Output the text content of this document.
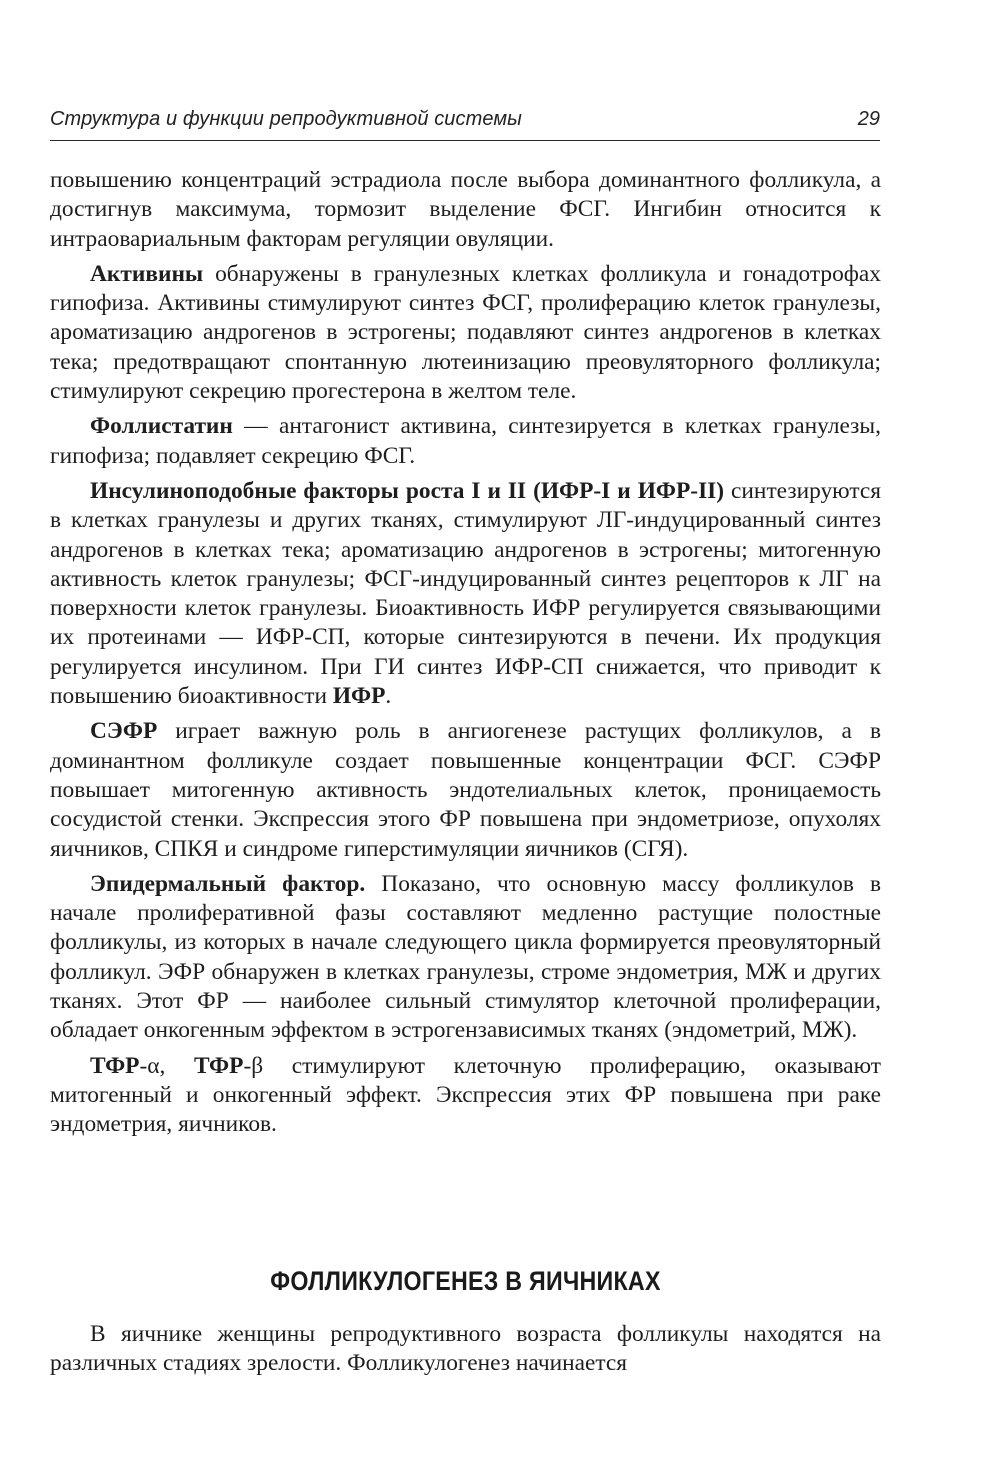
Структура и функции репродуктивной системы	29

повышению концентраций эстрадиола после выбора доминантного фолликула, а достигнув максимума, тормозит выделение ФСГ. Ингибин относится к интраовариальным факторам регуляции овуляции.

Активины обнаружены в гранулезных клетках фолликула и гонадотрофах гипофиза. Активины стимулируют синтез ФСГ, пролиферацию клеток гранулезы, ароматизацию андрогенов в эстрогены; подавляют синтез андрогенов в клетках тека; предотвращают спонтанную лютеинизацию преовуляторного фолликула; стимулируют секрецию прогестерона в желтом теле.

Фоллистатин — антагонист активина, синтезируется в клетках гранулезы, гипофиза; подавляет секрецию ФСГ.

Инсулиноподобные факторы роста I и II (ИФР-I и ИФР-II) синтезируются в клетках гранулезы и других тканях, стимулируют ЛГ-индуцированный синтез андрогенов в клетках тека; ароматизацию андрогенов в эстрогены; митогенную активность клеток гранулезы; ФСГ-индуцированный синтез рецепторов к ЛГ на поверхности клеток гранулезы. Биоактивность ИФР регулируется связывающими их протеинами — ИФР-СП, которые синтезируются в печени. Их продукция регулируется инсулином. При ГИ синтез ИФР-СП снижается, что приводит к повышению биоактивности ИФР.

СЭФР играет важную роль в ангиогенезе растущих фолликулов, а в доминантном фолликуле создает повышенные концентрации ФСГ. СЭФР повышает митогенную активность эндотелиальных клеток, проницаемость сосудистой стенки. Экспрессия этого ФР повышена при эндометриозе, опухолях яичников, СПКЯ и синдроме гиперстимуляции яичников (СГЯ).

Эпидермальный фактор. Показано, что основную массу фолликулов в начале пролиферативной фазы составляют медленно растущие полостные фолликулы, из которых в начале следующего цикла формируется преовуляторный фолликул. ЭФР обнаружен в клетках гранулезы, строме эндометрия, МЖ и других тканях. Этот ФР — наиболее сильный стимулятор клеточной пролиферации, обладает онкогенным эффектом в эстрогензависимых тканях (эндометрий, МЖ).

ТФР-α, ТФР-β стимулируют клеточную пролиферацию, оказывают митогенный и онкогенный эффект. Экспрессия этих ФР повышена при раке эндометрия, яичников.

ФОЛЛИКУЛОГЕНЕЗ В ЯИЧНИКАХ

В яичнике женщины репродуктивного возраста фолликулы находятся на различных стадиях зрелости. Фолликулогенез начинается
